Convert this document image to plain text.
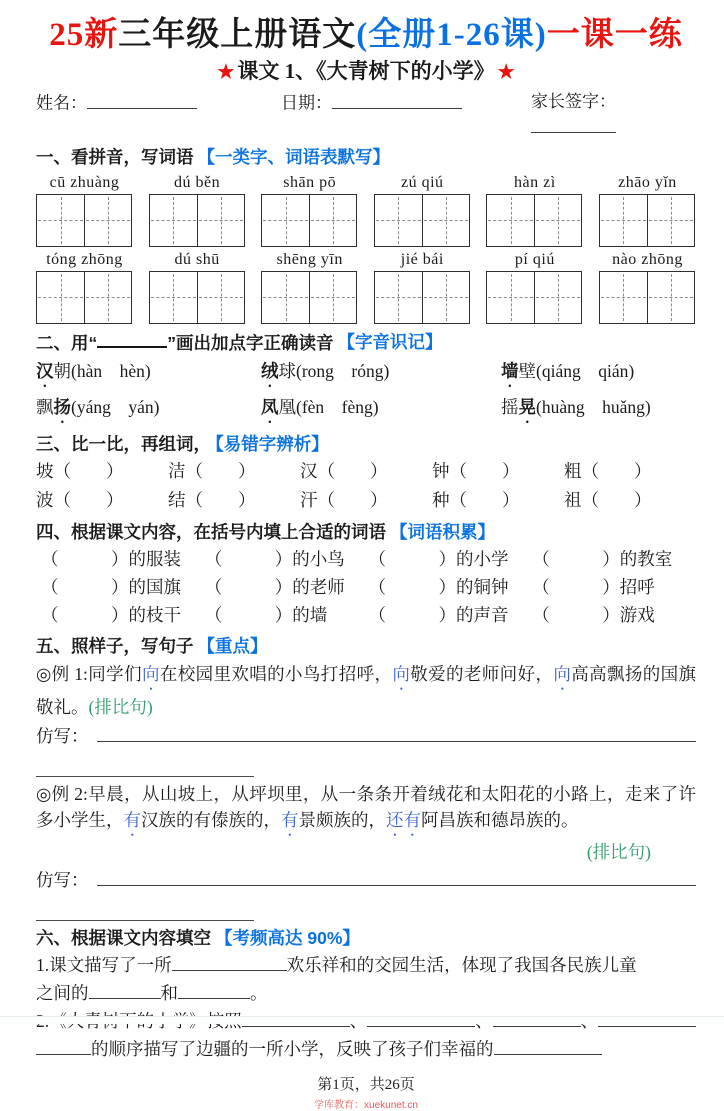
25新三年级上册语文(全册1-26课)一课一练
★ 课文 1、《大青树下的小学》 ★
姓名：	日期：	家长签字：
一、看拼音，写词语 【一类字、词语表默写】
cū zhuàng	dú běn	shān pō	zú qiú	hàn zì	zhāo yǐn
tóng zhōng	dú shū	shēng yīn	jié bái	pí qiú	nào zhōng
二、用“	”画出加点字正确读音 【字音识记】
汉朝(hàn　hèn)	绒球(rong　róng)	墙壁(qiáng　qián)
飘扬(yáng　yán)	凤凰(fèn　fèng)	摇晃(huàng　huǎng)
三、比一比，再组词， 【易错字辨析】
坡（　　）	洁（　　）	汉（　　）	钟（　　）	粗（　　）
波（　　）	结（　　）	汗（　　）	种（　　）	祖（　　）
四、根据课文内容，在括号内填上合适的词语 【词语积累】
（　　　）的服装	（　　　）的小鸟	（　　　）的小学	（　　　）的教室
（　　　）的国旗	（　　　）的老师	（　　　）的铜钟	（　　　）招呼
（　　　）的枝干	（　　　）的墙	（　　　）的声音	（　　　）游戏
五、照样子，写句子 【重点】

◎例 1:同学们向在校园里欢唱的小鸟打招呼，向敬爱的老师问好，向高高飘扬的国旗敬礼。(排比句)

仿写：

◎例 2:早晨，从山坡上，从坪坝里，从一条条开着绒花和太阳花的小路上，走来了许多小学生，有汉族的有傣族的，有景颇族的，还有阿昌族和德昂族的。

(排比句)
仿写：
六、根据课文内容填空 【考频高达 90%】
1.课文描写了一所	欢乐祥和的交园生活，体现了我国各民族儿童
之间的	和	。
的顺序描写了边疆的一所小学，反映了孩子们幸福的
第1页，共26页
学库教育：xuekunet.cn
